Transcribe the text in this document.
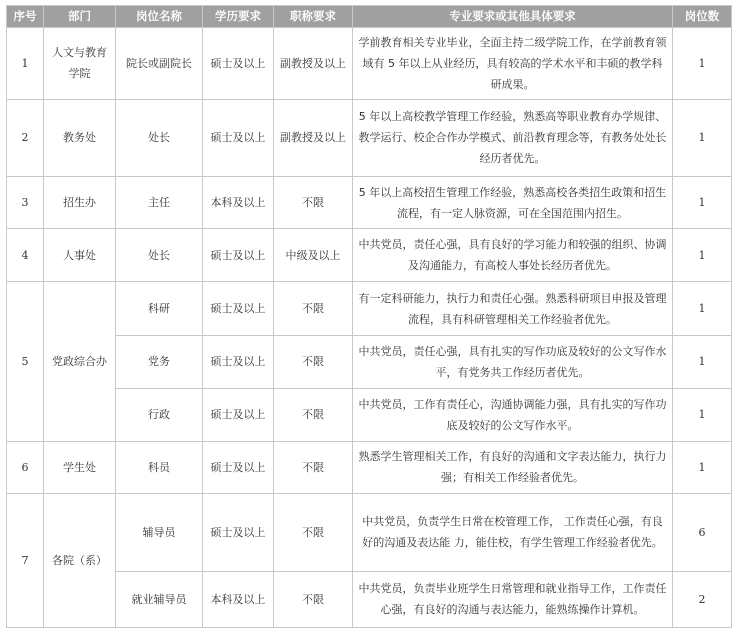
序号	部门	岗位名称	学历要求	职称要求	专业要求或其他具体要求	岗位数
1	人文与教育学院	院长或副院长	硕士及以上	副教授及以上	学前教育相关专业毕业，全面主持二级学院工作，在学前教育领域有 5 年以上从业经历，具有较高的学术水平和丰硕的教学科研成果。	1
2	教务处	处长	硕士及以上	副教授及以上	5 年以上高校教学管理工作经验，熟悉高等职业教育办学规律、教学运行、校企合作办学模式、前沿教育理念等，有教务处处长经历者优先。	1
3	招生办	主任	本科及以上	不限	5 年以上高校招生管理工作经验，熟悉高校各类招生政策和招生流程，有一定人脉资源，可在全国范围内招生。	1
4	人事处	处长	硕士及以上	中级及以上	中共党员，责任心强，具有良好的学习能力和较强的组织、协调及沟通能力，有高校人事处长经历者优先。	1
5	党政综合办	科研	硕士及以上	不限	有一定科研能力，执行力和责任心强。熟悉科研项目申报及管理流程，具有科研管理相关工作经验者优先。	1
		党务	硕士及以上	不限	中共党员，责任心强，具有扎实的写作功底及较好的公文写作水平，有党务共工作经历者优先。	1
		行政	硕士及以上	不限	中共党员，工作有责任心，沟通协调能力强，具有扎实的写作功底及较好的公文写作水平。	1
6	学生处	科员	硕士及以上	不限	熟悉学生管理相关工作，有良好的沟通和文字表达能力，执行力强；有相关工作经验者优先。	1
7	各院（系）	辅导员	硕士及以上	不限	中共党员，负责学生日常在校管理工作， 工作责任心强，有良好的沟通及表达能 力，能住校，有学生管理工作经验者优先。	6
		就业辅导员	本科及以上	不限	中共党员，负责毕业班学生日常管理和就业指导工作，工作责任心强，有良好的沟通与表达能力，能熟练操作计算机。	2
